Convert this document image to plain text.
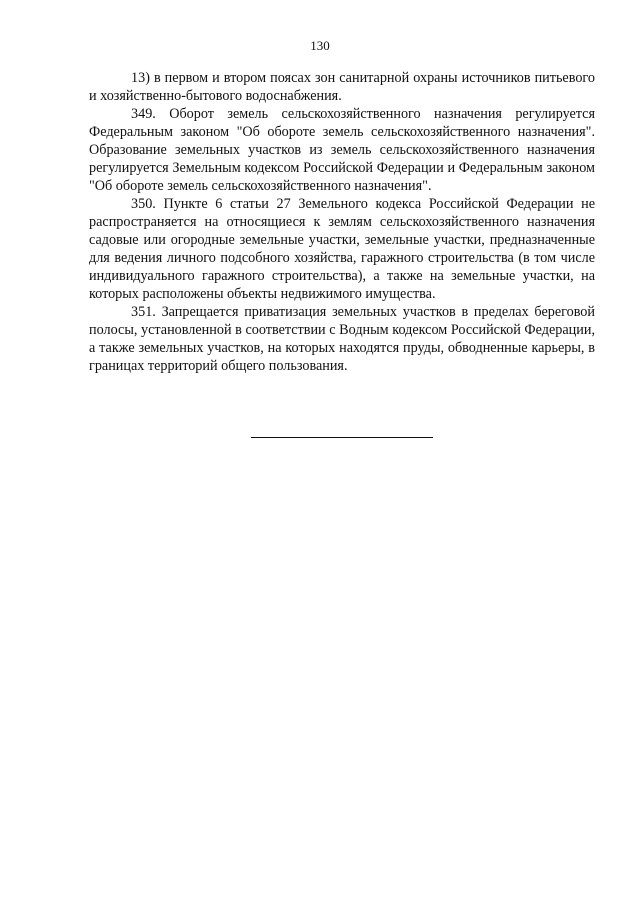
130

13) в первом и втором поясах зон санитарной охраны источников питьевого и хозяйственно-бытового водоснабжения.

349. Оборот земель сельскохозяйственного назначения регулируется Федеральным законом "Об обороте земель сельскохозяйственного назначения". Образование земельных участков из земель сельскохозяйственного назначения регулируется Земельным кодексом Российской Федерации и Федеральным законом "Об обороте земель сельскохозяйственного назначения".

350. Пункте 6 статьи 27 Земельного кодекса Российской Федерации не распространяется на относящиеся к землям сельскохозяйственного назначения садовые или огородные земельные участки, земельные участки, предназначенные для ведения личного подсобного хозяйства, гаражного строительства (в том числе индивидуального гаражного строительства), а также на земельные участки, на которых расположены объекты недвижимого имущества.

351. Запрещается приватизация земельных участков в пределах береговой полосы, установленной в соответствии с Водным кодексом Российской Федерации, а также земельных участков, на которых находятся пруды, обводненные карьеры, в границах территорий общего пользования.
